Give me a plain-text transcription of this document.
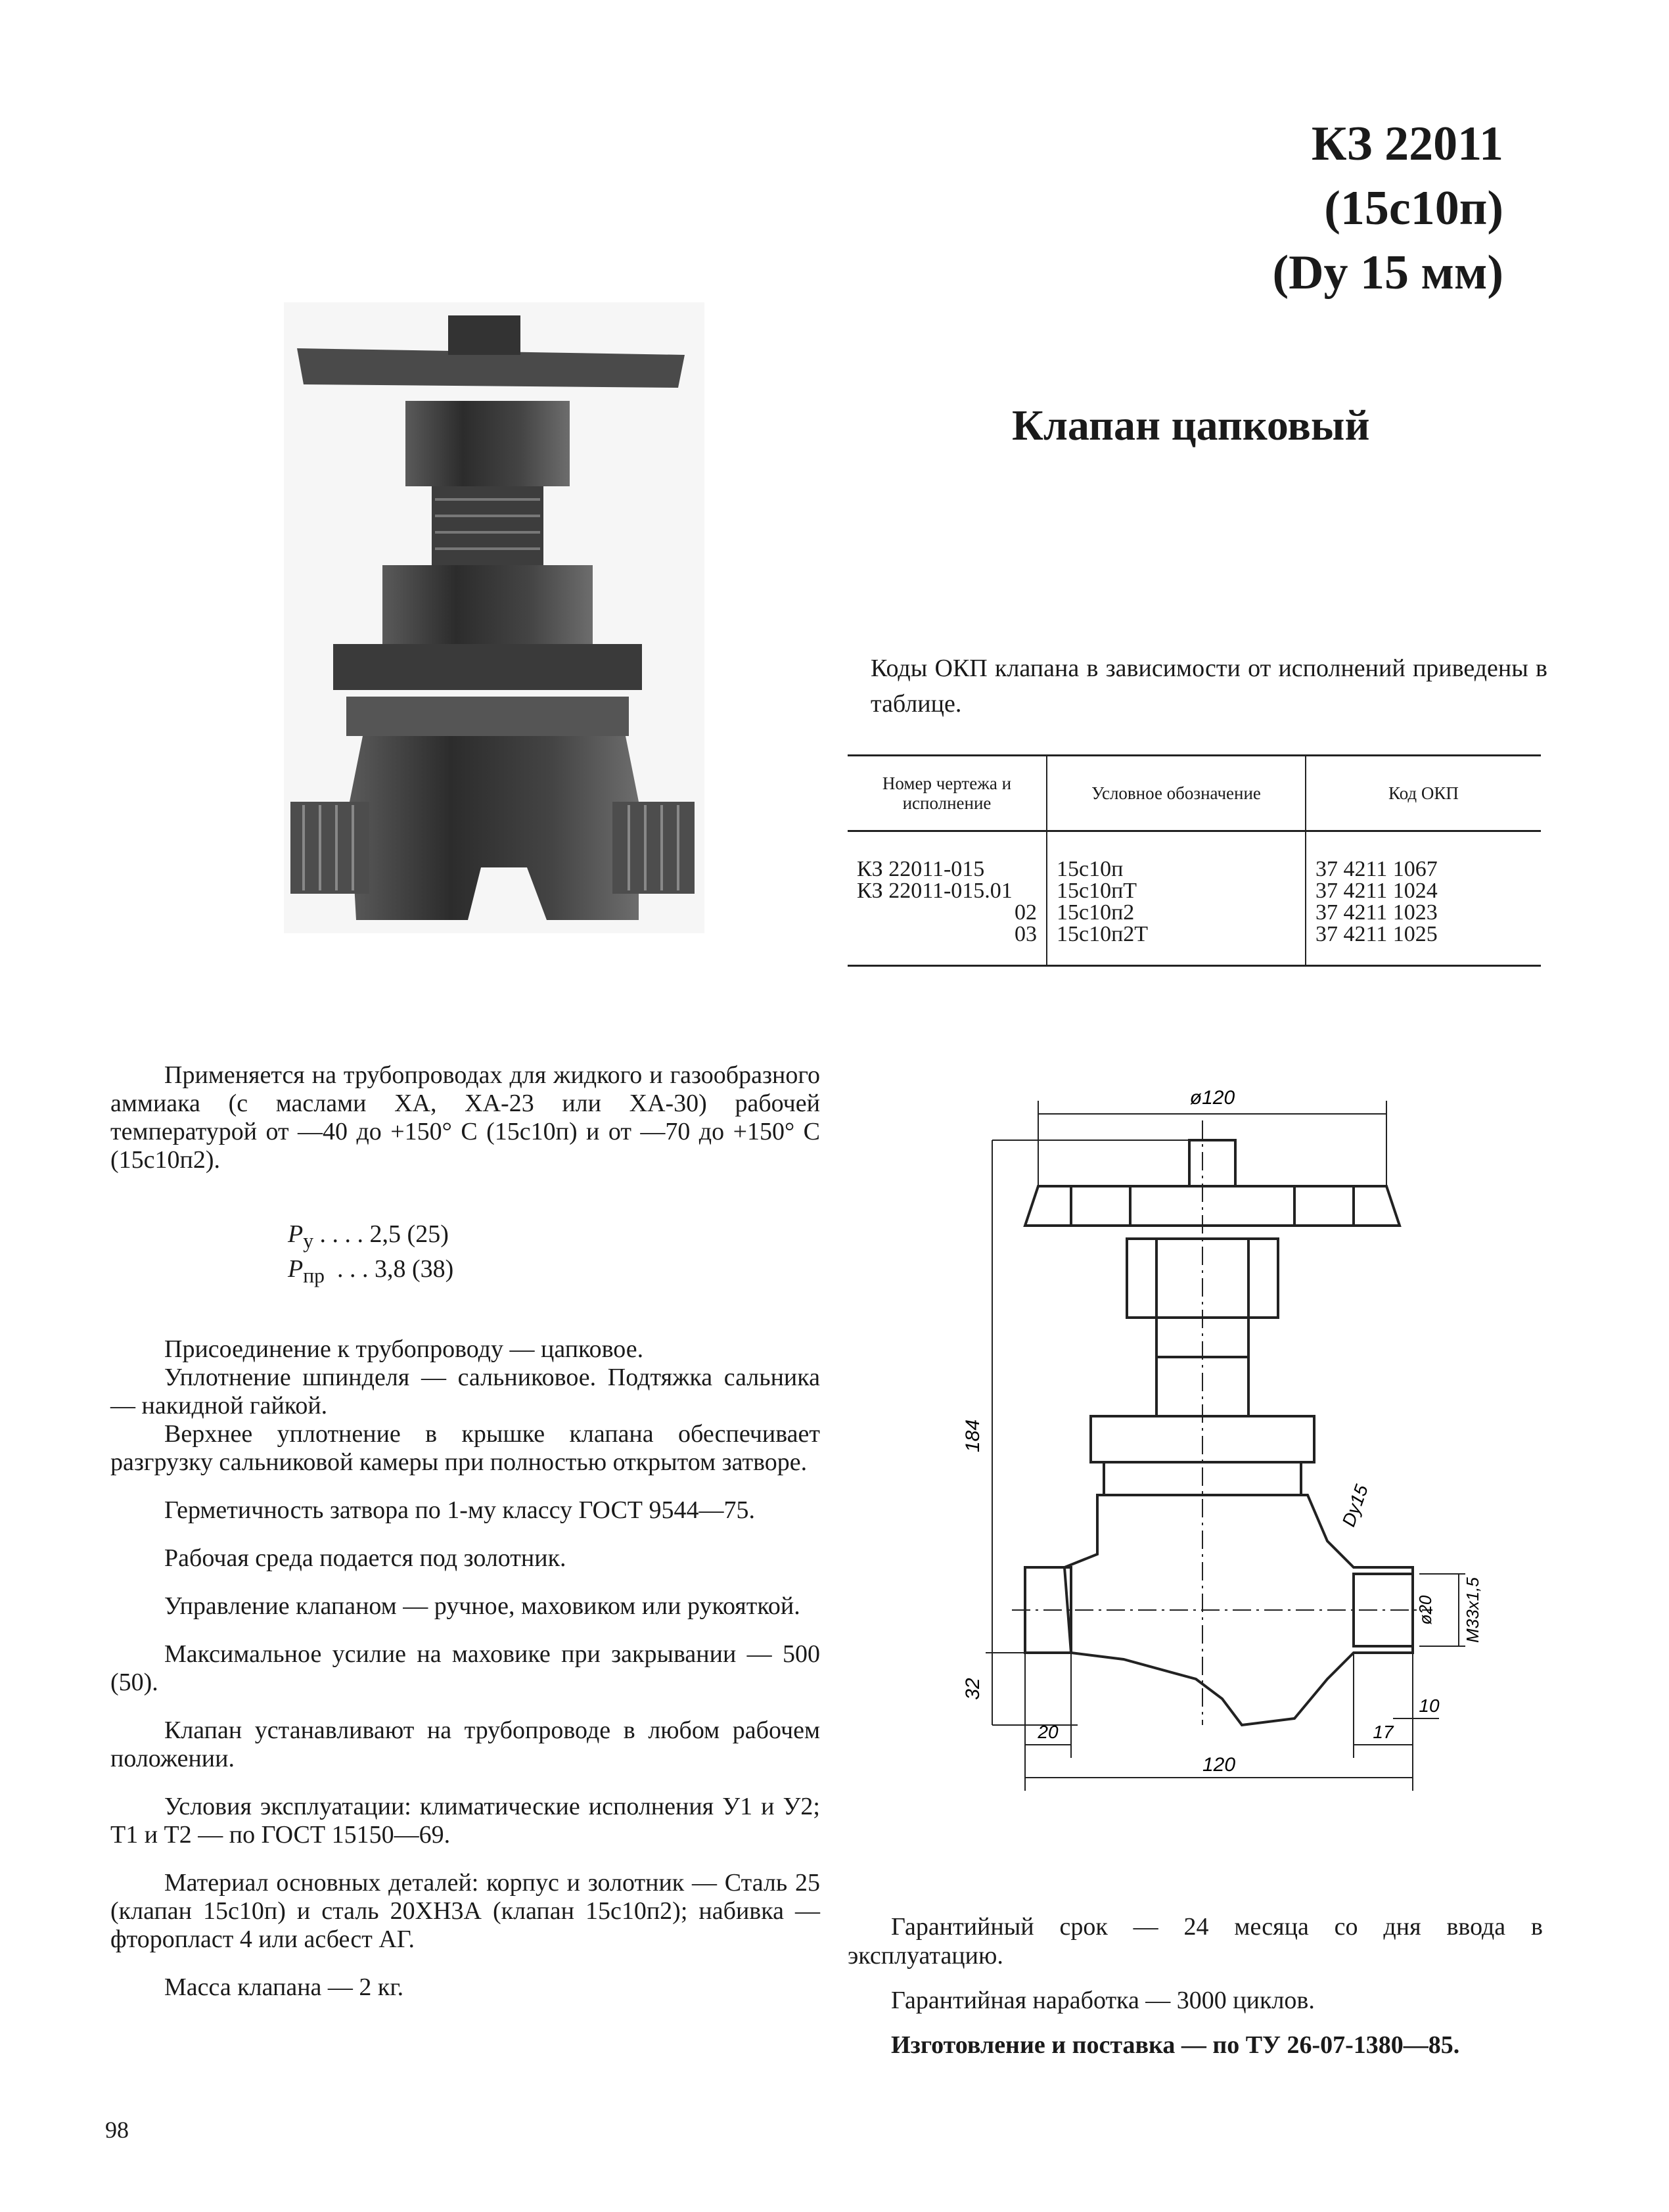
КЗ 22011
(15с10п)
(Dy 15 мм)
Клапан цапковый
Коды ОКП клапана в зависимости от исполнений приведены в таблице.
Номер чертежа и исполнение	Условное обозначение	Код ОКП
КЗ 22011-015	15с10п	37 4211 1067
КЗ 22011-015.01	15с10пТ	37 4211 1024
02	15с10п2	37 4211 1023
03	15с10п2Т	37 4211 1025

Применяется на трубопроводах для жидкого и газообразного аммиака (с маслами ХА, ХА-23 или ХА-30) рабочей температурой от —40 до +150° С (15с10п) и от —70 до +150° С (15с10п2).

$P_у$ . . . . 2,5 (25)
$P_{пр}$  . . . 3,8 (38)

Присоединение к трубопроводу — цапковое.

Уплотнение шпинделя — сальниковое. Подтяжка сальника — накидной гайкой.

Верхнее уплотнение в крышке клапана обеспечивает разгрузку сальниковой камеры при полностью открытом затворе.

Герметичность затвора по 1-му классу ГОСТ 9544—75.

Рабочая среда подается под золотник.

Управление клапаном — ручное, маховиком или рукояткой.

Максимальное усилие на маховике при закрывании — 500 (50).

Клапан устанавливают на трубопроводе в любом рабочем положении.

Условия эксплуатации: климатические исполнения У1 и У2; Т1 и Т2 — по ГОСТ 15150—69.

Материал основных деталей: корпус и золотник — Сталь 25 (клапан 15с10п) и сталь 20ХН3А (клапан 15с10п2); набивка — фторопласт 4 или асбест АГ.

Масса клапана — 2 кг.

ø120
184
32
Dy15
ø20 M33x1,5
120
20	17
10

Гарантийный срок — 24 месяца со дня ввода в эксплуатацию.

Гарантийная наработка — 3000 циклов.

Изготовление и поставка — по ТУ 26-07-1380—85.

98
